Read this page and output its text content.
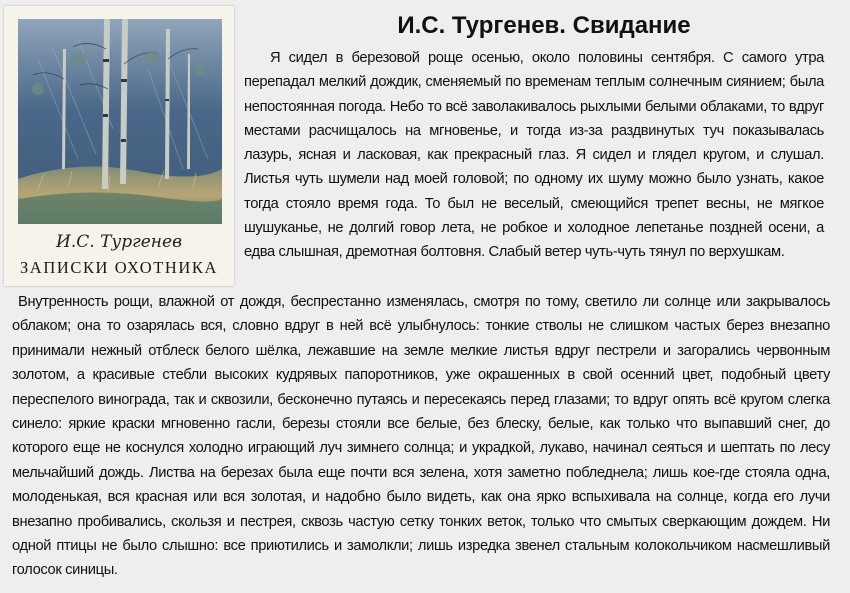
И.С. Тургенев
ЗАПИСКИ ОХОТНИКА
И.С. Тургенев. Свидание

Я сидел в березовой роще осенью, около половины сентября. С самого утра перепадал мелкий дождик, сменяемый по временам теплым солнечным сиянием; была непостоянная погода. Небо то всё заволакивалось рыхлыми белыми облаками, то вдруг местами расчищалось на мгновенье, и тогда из-за раздвинутых туч показывалась лазурь, ясная и ласковая, как прекрасный глаз. Я сидел и глядел кругом, и слушал. Листья чуть шумели над моей головой; по одному их шуму можно было узнать, какое тогда стояло время года. То был не веселый, смеющийся трепет весны, не мягкое шушуканье, не долгий говор лета, не робкое и холодное лепетанье поздней осени, а едва слышная, дремотная болтовня. Слабый ветер чуть-чуть тянул по верхушкам.

Внутренность рощи, влажной от дождя, беспрестанно изменялась, смотря по тому, светило ли солнце или закрывалось облаком; она то озарялась вся, словно вдруг в ней всё улыбнулось: тонкие стволы не слишком частых берез внезапно принимали нежный отблеск белого шёлка, лежавшие на земле мелкие листья вдруг пестрели и загорались червонным золотом, а красивые стебли высоких кудрявых папоротников, уже окрашенных в свой осенний цвет, подобный цвету переспелого винограда, так и сквозили, бесконечно путаясь и пересекаясь перед глазами; то вдруг опять всё кругом слегка синело: яркие краски мгновенно гасли, березы стояли все белые, без блеску, белые, как только что выпавший снег, до которого еще не коснулся холодно играющий луч зимнего солнца; и украдкой, лукаво, начинал сеяться и шептать по лесу мельчайший дождь. Листва на березах была еще почти вся зелена, хотя заметно побледнела; лишь кое-где стояла одна, молоденькая, вся красная или вся золотая, и надобно было видеть, как она ярко вспыхивала на солнце, когда его лучи внезапно пробивались, скользя и пестрея, сквозь частую сетку тонких веток, только что смытых сверкающим дождем. Ни одной птицы не было слышно: все приютились и замолкли; лишь изредка звенел стальным колокольчиком насмешливый голосок синицы.
